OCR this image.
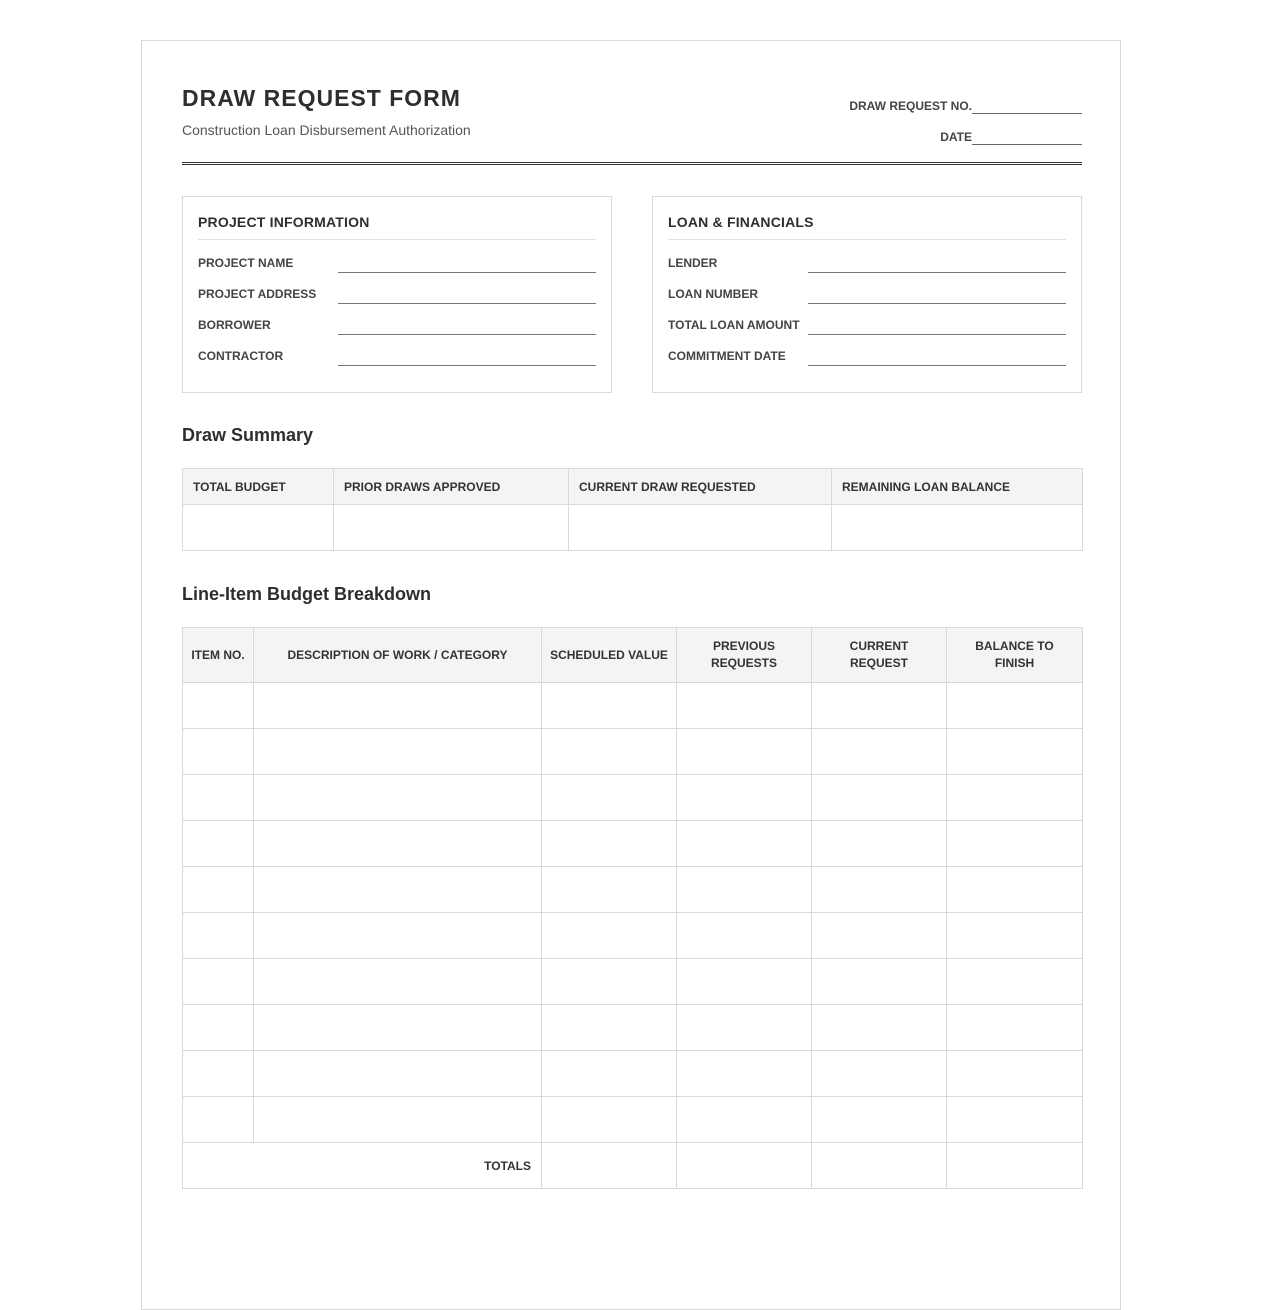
DRAW REQUEST FORM
Construction Loan Disbursement Authorization
DRAW REQUEST NO.
DATE
PROJECT INFORMATION
PROJECT NAME
PROJECT ADDRESS
BORROWER
CONTRACTOR
LOAN & FINANCIALS
LENDER
LOAN NUMBER
TOTAL LOAN AMOUNT
COMMITMENT DATE
Draw Summary
TOTAL BUDGET	PRIOR DRAWS APPROVED	CURRENT DRAW REQUESTED	REMAINING LOAN BALANCE

Line-Item Budget Breakdown
ITEM NO.	DESCRIPTION OF WORK / CATEGORY	SCHEDULED VALUE	PREVIOUS REQUESTS	CURRENT REQUEST	BALANCE TO FINISH

TOTALS					
